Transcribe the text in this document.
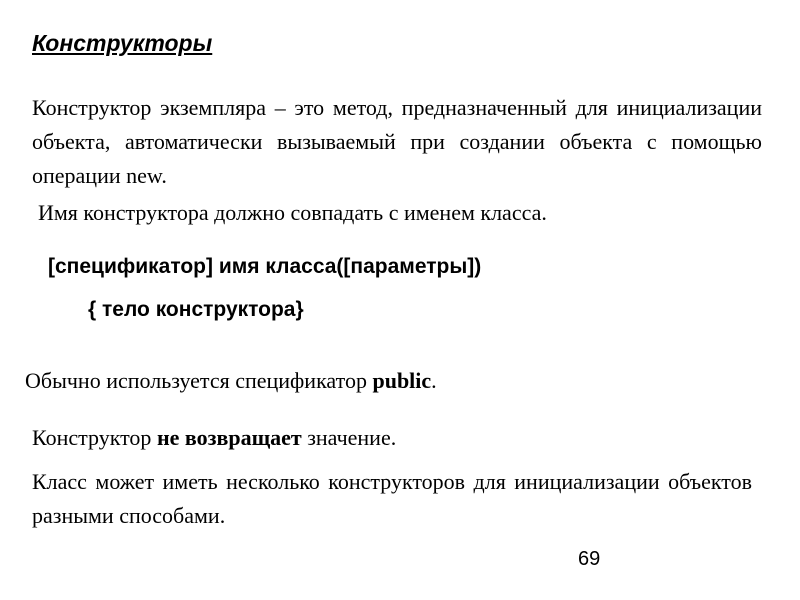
Конструкторы

Конструктор экземпляра – это метод, предназначенный для инициализации объекта, автоматически вызываемый при создании объекта с помощью операции new.

Имя конструктора должно совпадать с именем класса.

[спецификатор] имя класса([параметры])
{ тело конструктора}

Обычно используется спецификатор public.

Конструктор не возвращает значение.

Класс может иметь несколько конструкторов для инициализации объектов разными способами.

69
